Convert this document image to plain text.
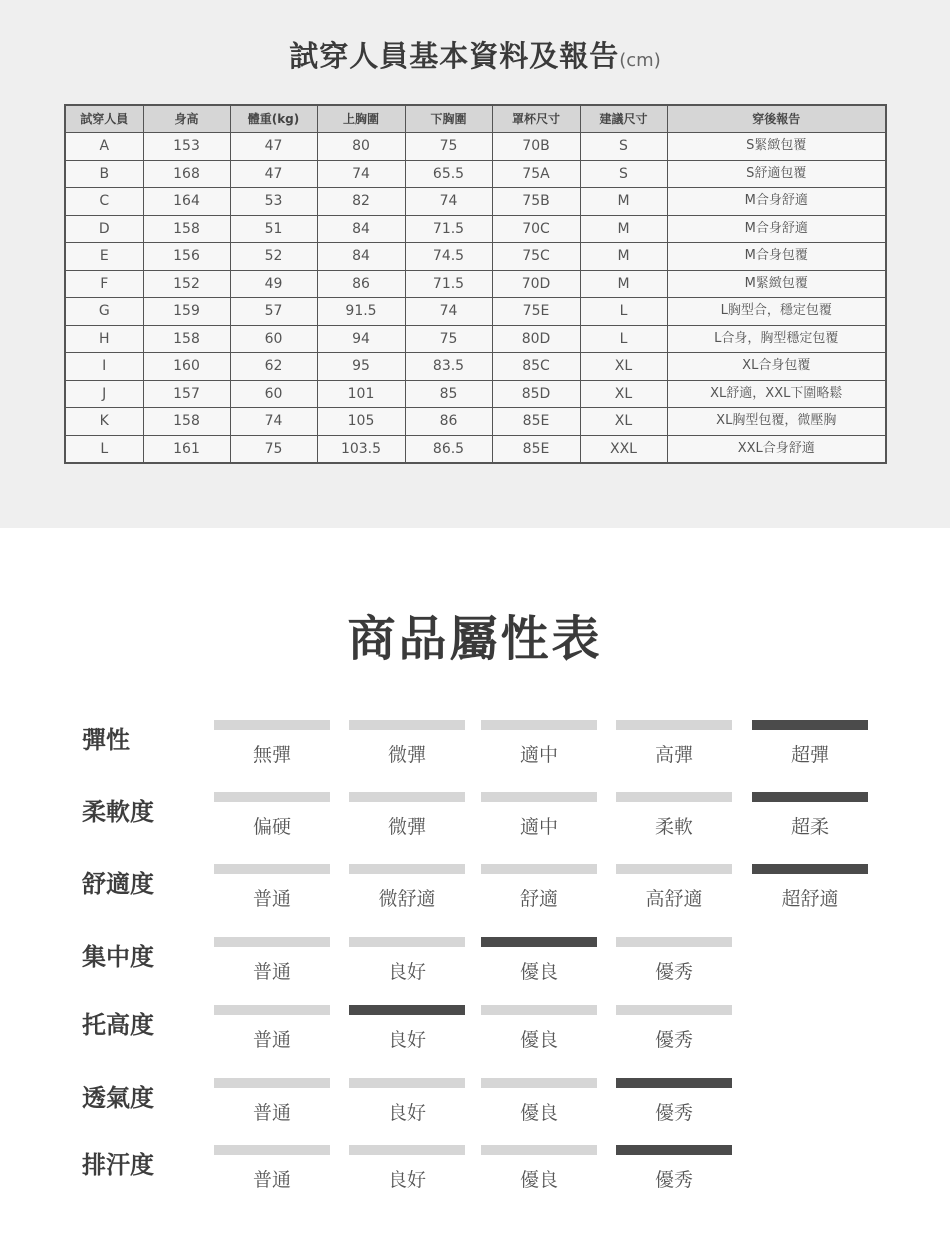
試穿人員基本資料及報告(cm)
試穿人員	身高	體重(kg)	上胸圍	下胸圍	罩杯尺寸	建議尺寸	穿後報告
A	153	47	80	75	70B	S	S緊緻包覆
B	168	47	74	65.5	75A	S	S舒適包覆
C	164	53	82	74	75B	M	M合身舒適
D	158	51	84	71.5	70C	M	M合身舒適
E	156	52	84	74.5	75C	M	M合身包覆
F	152	49	86	71.5	70D	M	M緊緻包覆
G	159	57	91.5	74	75E	L	L胸型合，穩定包覆
H	158	60	94	75	80D	L	L合身，胸型穩定包覆
I	160	62	95	83.5	85C	XL	XL合身包覆
J	157	60	101	85	85D	XL	XL舒適，XXL下圍略鬆
K	158	74	105	86	85E	XL	XL胸型包覆，微壓胸
L	161	75	103.5	86.5	85E	XXL	XXL合身舒適
商品屬性表
彈性
無彈	微彈	適中	高彈	超彈
柔軟度
偏硬	微彈	適中	柔軟	超柔
舒適度
普通	微舒適	舒適	高舒適	超舒適
集中度
普通	良好	優良	優秀
托高度
普通	良好	優良	優秀
透氣度
普通	良好	優良	優秀
排汗度
普通	良好	優良	優秀
